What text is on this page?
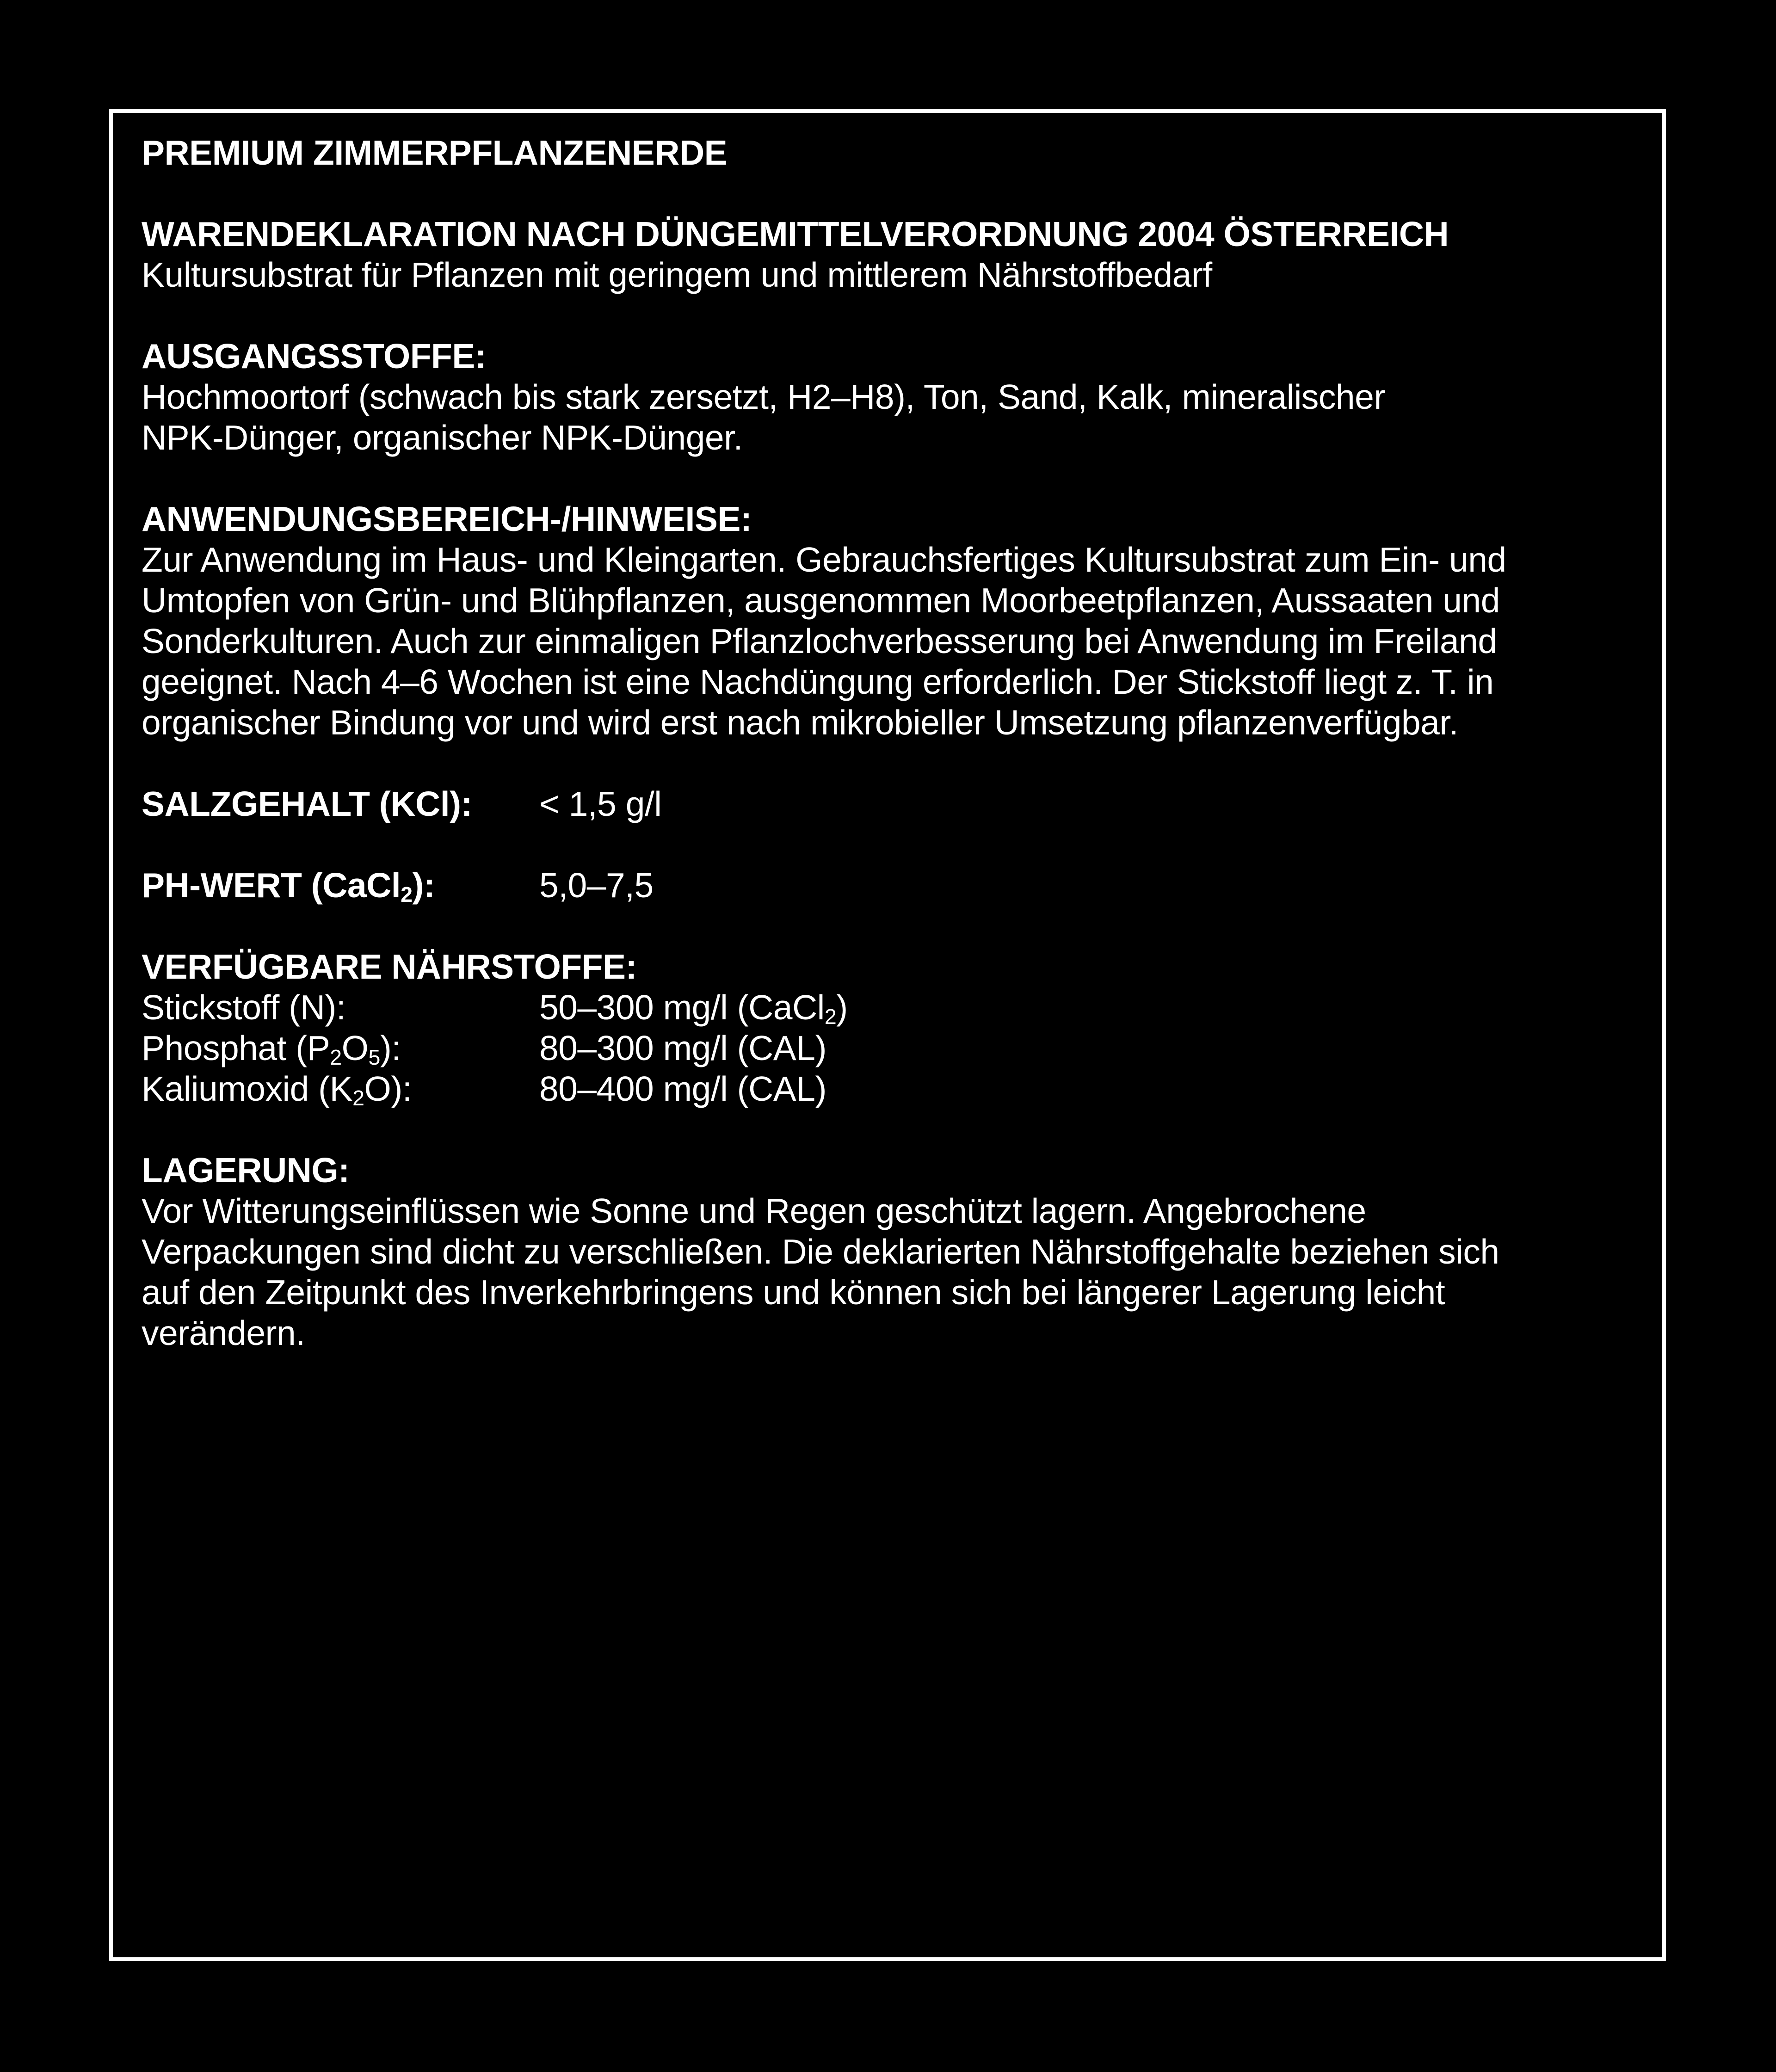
PREMIUM ZIMMERPFLANZENERDE

WARENDEKLARATION NACH DÜNGEMITTELVERORDNUNG 2004 ÖSTERREICH

Kultursubstrat für Pflanzen mit geringem und mittlerem Nährstoffbedarf

AUSGANGSSTOFFE:

Hochmoortorf (schwach bis stark zersetzt, H2–H8), Ton, Sand, Kalk, mineralischer

NPK-Dünger, organischer NPK-Dünger.

ANWENDUNGSBEREICH-/HINWEISE:

Zur Anwendung im Haus- und Kleingarten. Gebrauchsfertiges Kultursubstrat zum Ein- und

Umtopfen von Grün- und Blühpflanzen, ausgenommen Moorbeetpflanzen, Aussaaten und

Sonderkulturen. Auch zur einmaligen Pflanzlochverbesserung bei Anwendung im Freiland

geeignet. Nach 4–6 Wochen ist eine Nachdüngung erforderlich. Der Stickstoff liegt z. T. in

organischer Bindung vor und wird erst nach mikrobieller Umsetzung pflanzenverfügbar.

SALZGEHALT (KCl):	< 1,5 g/l
PH-WERT (CaCl$_2$):	5,0–7,5

VERFÜGBARE NÄHRSTOFFE:

Stickstoff (N):	50–300 mg/l (CaCl$_2$)
Phosphat $(P_2O_5)$:	80–300 mg/l (CAL)
Kaliumoxid $(K_2O)$:	80–400 mg/l (CAL)

LAGERUNG:

Vor Witterungseinflüssen wie Sonne und Regen geschützt lagern. Angebrochene

Verpackungen sind dicht zu verschließen. Die deklarierten Nährstoffgehalte beziehen sich

auf den Zeitpunkt des Inverkehrbringens und können sich bei längerer Lagerung leicht

verändern.
